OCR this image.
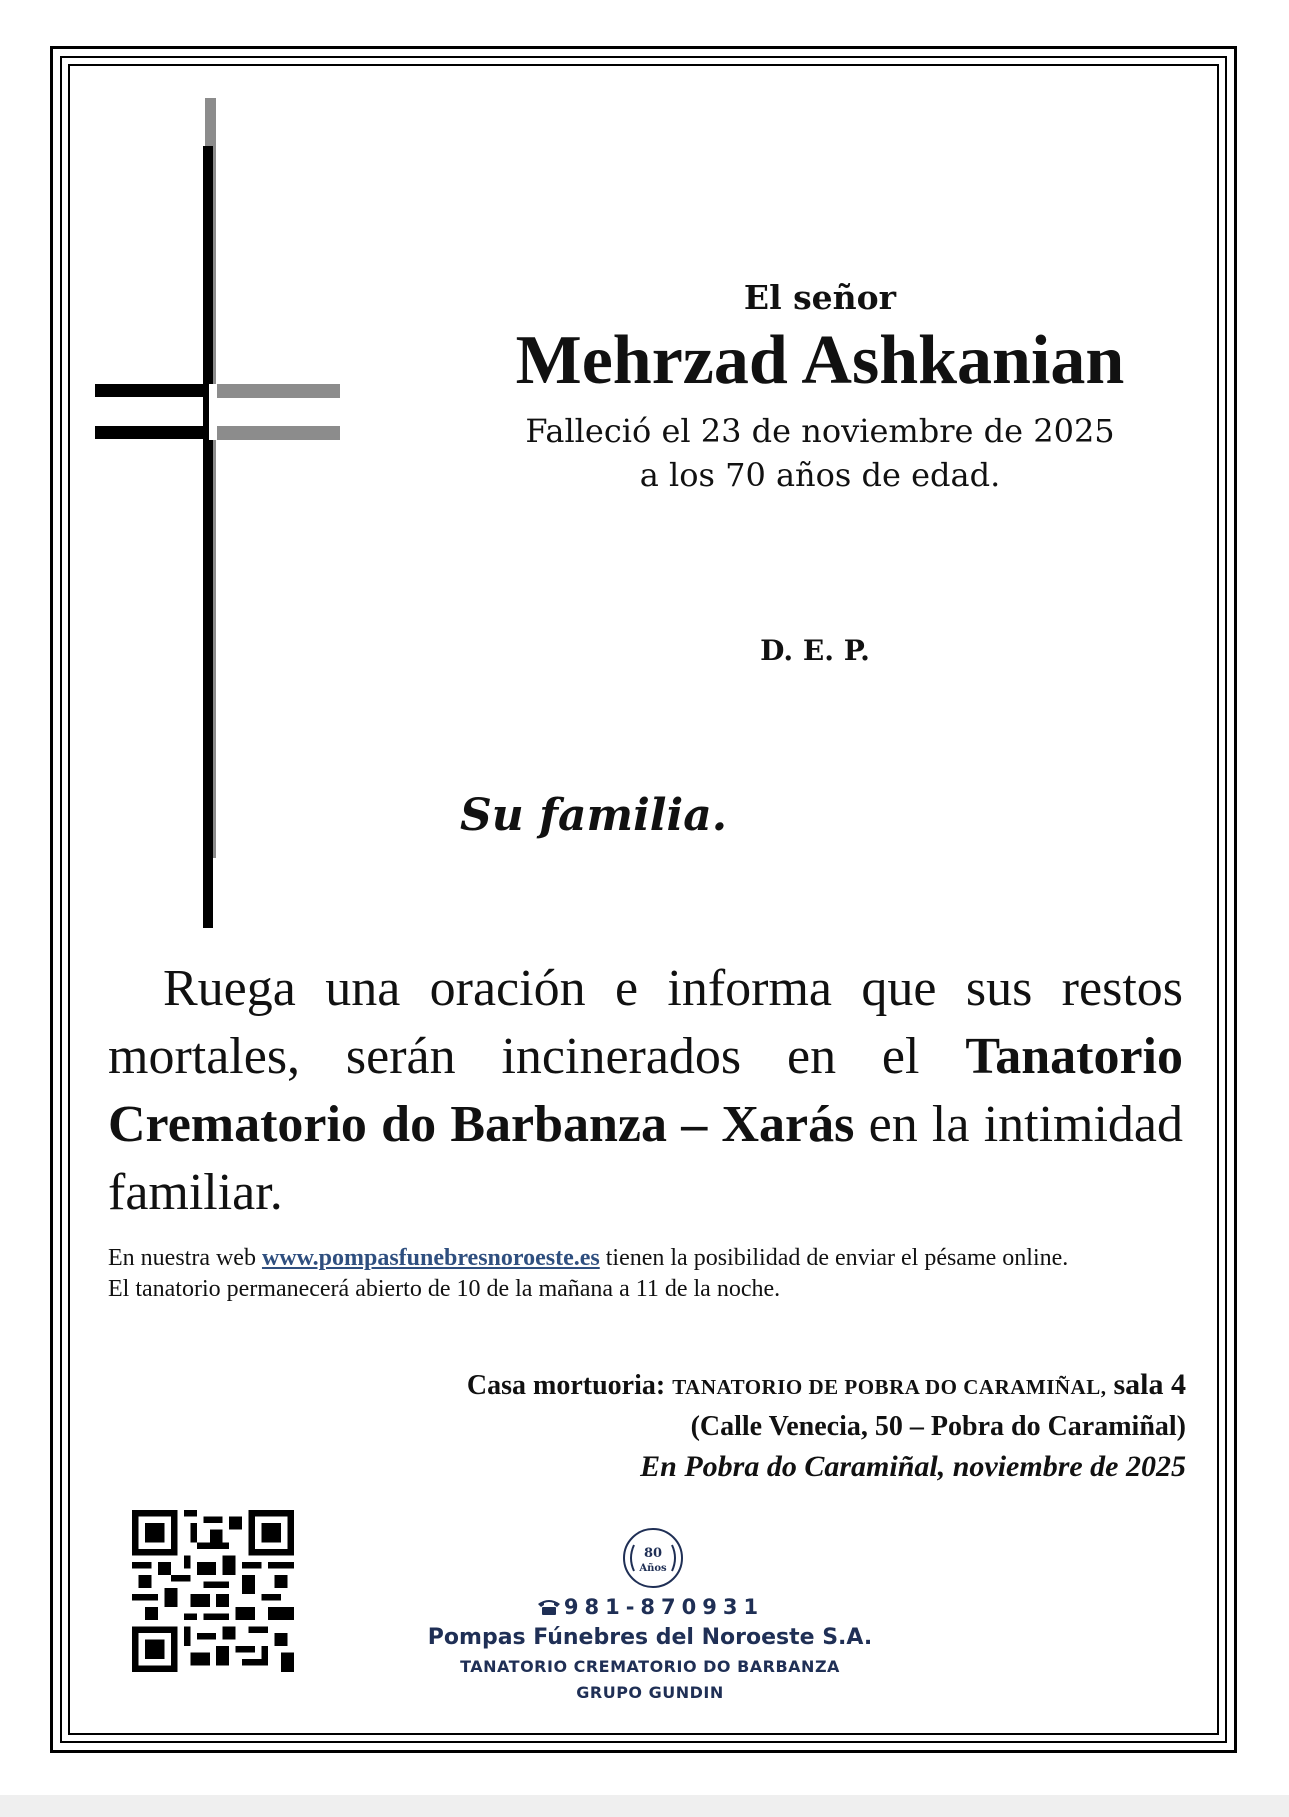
El señor

Mehrzad Ashkanian

Falleció el 23 de noviembre de 2025

a los 70 años de edad.

D. E. P.
Su familia.
Ruega una oración e informa que sus restos mortales, serán incinerados en el Tanatorio Crematorio do Barbanza – Xarás en la intimidad familiar.

En nuestra web www.pompasfunebresnoroeste.es tienen la posibilidad de enviar el pésame online.

El tanatorio permanecerá abierto de 10 de la mañana a 11 de la noche.

Casa mortuoria: TANATORIO DE POBRA DO CARAMIÑAL, sala 4

(Calle Venecia, 50 – Pobra do Caramiñal)

En Pobra do Caramiñal, noviembre de 2025

80
Años

981-870931

Pompas Fúnebres del Noroeste S.A.

TANATORIO CREMATORIO DO BARBANZA

GRUPO GUNDIN
